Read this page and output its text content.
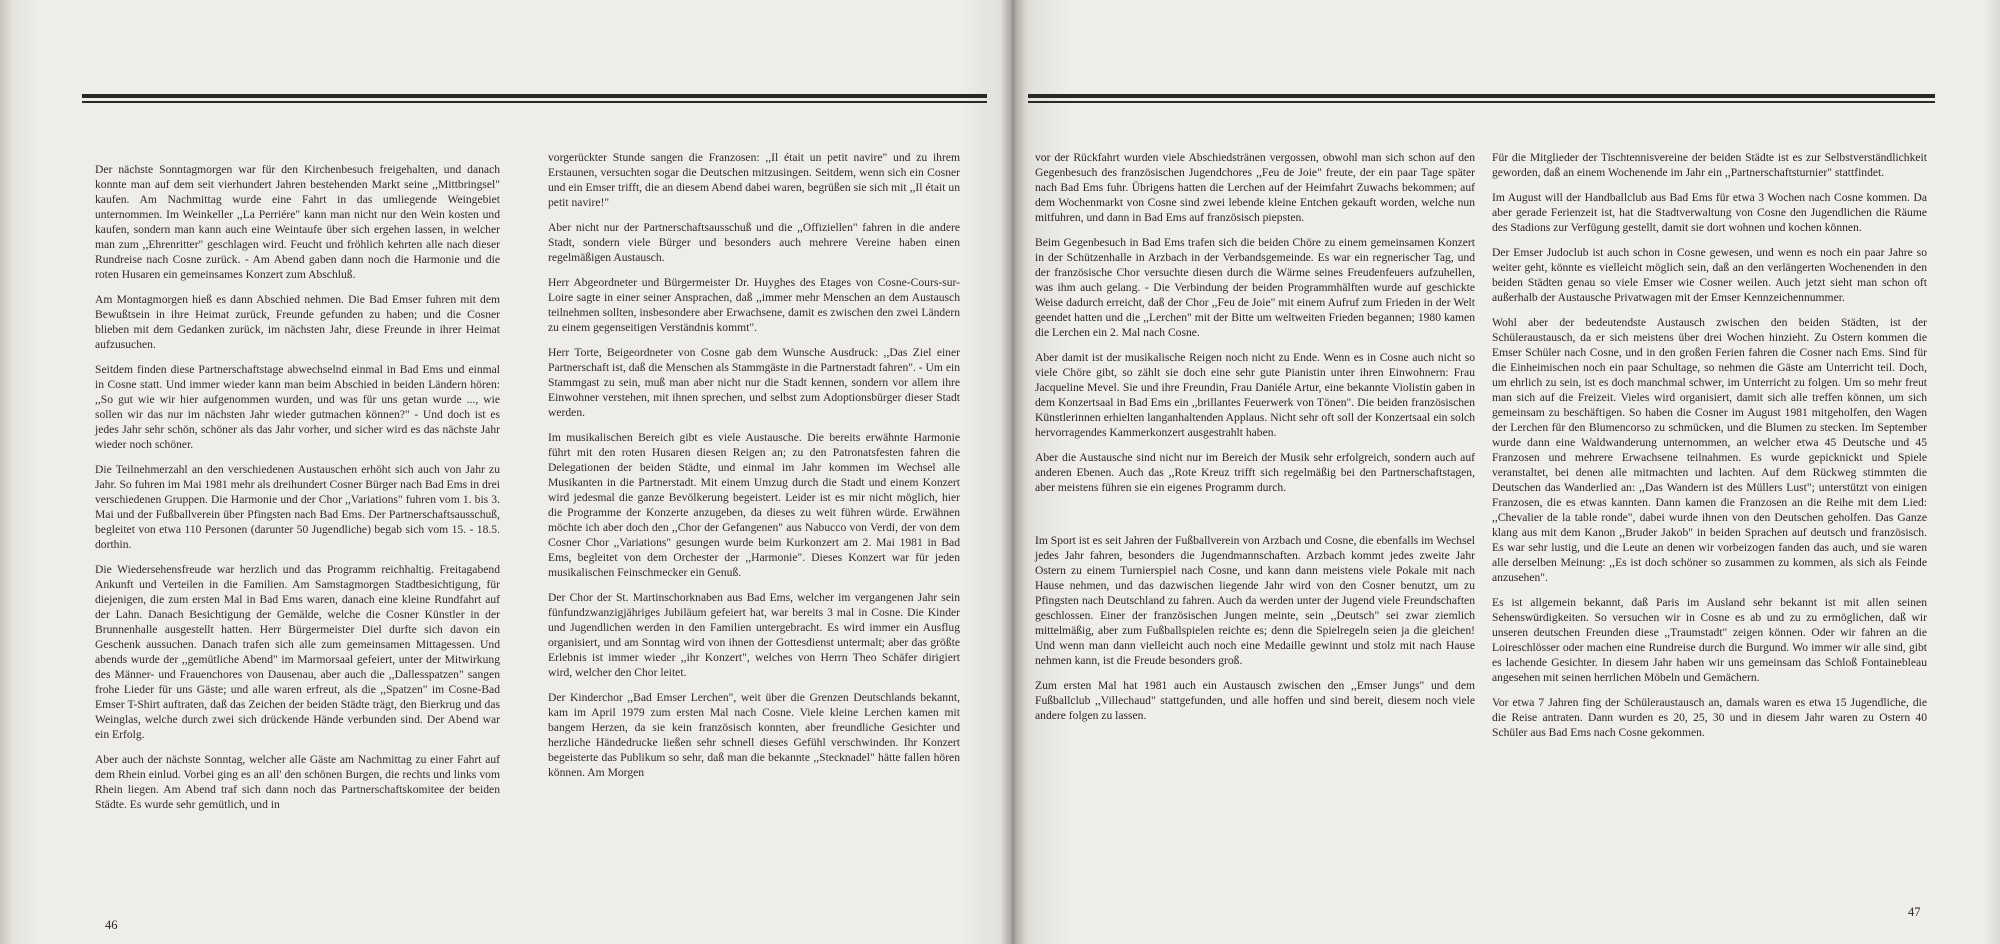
Der nächste Sonntagmorgen war für den Kirchenbesuch freigehalten, und danach konnte man auf dem seit vierhundert Jahren bestehenden Markt seine ,,Mittbringsel" kaufen. Am Nachmittag wurde eine Fahrt in das umliegende Weingebiet unternommen. Im Weinkeller ,,La Perriére" kann man nicht nur den Wein kosten und kaufen, sondern man kann auch eine Weintaufe über sich ergehen lassen, in welcher man zum ,,Ehrenritter" geschlagen wird. Feucht und fröhlich kehrten alle nach dieser Rundreise nach Cosne zurück. - Am Abend gaben dann noch die Harmonie und die roten Husaren ein gemeinsames Konzert zum Abschluß.

Am Montagmorgen hieß es dann Abschied nehmen. Die Bad Emser fuhren mit dem Bewußtsein in ihre Heimat zurück, Freunde gefunden zu haben; und die Cosner blieben mit dem Gedanken zurück, im nächsten Jahr, diese Freunde in ihrer Heimat aufzusuchen.

Seitdem finden diese Partnerschaftstage abwechselnd einmal in Bad Ems und einmal in Cosne statt. Und immer wieder kann man beim Abschied in beiden Ländern hören: ,,So gut wie wir hier aufgenommen wurden, und was für uns getan wurde ..., wie sollen wir das nur im nächsten Jahr wieder gutmachen können?" - Und doch ist es jedes Jahr sehr schön, schöner als das Jahr vorher, und sicher wird es das nächste Jahr wieder noch schöner.

Die Teilnehmerzahl an den verschiedenen Austauschen erhöht sich auch von Jahr zu Jahr. So fuhren im Mai 1981 mehr als dreihundert Cosner Bürger nach Bad Ems in drei verschiedenen Gruppen. Die Harmonie und der Chor ,,Variations" fuhren vom 1. bis 3. Mai und der Fußballverein über Pfingsten nach Bad Ems. Der Partnerschaftsausschuß, begleitet von etwa 110 Personen (darunter 50 Jugendliche) begab sich vom 15. - 18.5. dorthin.

Die Wiedersehensfreude war herzlich und das Programm reichhaltig. Freitagabend Ankunft und Verteilen in die Familien. Am Samstagmorgen Stadtbesichtigung, für diejenigen, die zum ersten Mal in Bad Ems waren, danach eine kleine Rundfahrt auf der Lahn. Danach Besichtigung der Gemälde, welche die Cosner Künstler in der Brunnenhalle ausgestellt hatten. Herr Bürgermeister Diel durfte sich davon ein Geschenk aussuchen. Danach trafen sich alle zum gemeinsamen Mittagessen. Und abends wurde der ,,gemütliche Abend" im Marmorsaal gefeiert, unter der Mitwirkung des Männer- und Frauenchores von Dausenau, aber auch die ,,Dallesspatzen" sangen frohe Lieder für uns Gäste; und alle waren erfreut, als die ,,Spatzen" im Cosne-Bad Emser T-Shirt auftraten, daß das Zeichen der beiden Städte trägt, den Bierkrug und das Weinglas, welche durch zwei sich drückende Hände verbunden sind. Der Abend war ein Erfolg.

Aber auch der nächste Sonntag, welcher alle Gäste am Nachmittag zu einer Fahrt auf dem Rhein einlud. Vorbei ging es an all' den schönen Burgen, die rechts und links vom Rhein liegen. Am Abend traf sich dann noch das Partnerschaftskomitee der beiden Städte. Es wurde sehr gemütlich, und in

vorgerückter Stunde sangen die Franzosen: ,,Il était un petit navire" und zu ihrem Erstaunen, versuchten sogar die Deutschen mitzusingen. Seitdem, wenn sich ein Cosner und ein Emser trifft, die an diesem Abend dabei waren, begrüßen sie sich mit ,,Il était un petit navire!"

Aber nicht nur der Partnerschaftsausschuß und die ,,Offiziellen" fahren in die andere Stadt, sondern viele Bürger und besonders auch mehrere Vereine haben einen regelmäßigen Austausch.

Herr Abgeordneter und Bürgermeister Dr. Huyghes des Etages von Cosne-Cours-sur-Loire sagte in einer seiner Ansprachen, daß ,,immer mehr Menschen an dem Austausch teilnehmen sollten, insbesondere aber Erwachsene, damit es zwischen den zwei Ländern zu einem gegenseitigen Verständnis kommt".

Herr Torte, Beigeordneter von Cosne gab dem Wunsche Ausdruck: ,,Das Ziel einer Partnerschaft ist, daß die Menschen als Stammgäste in die Partnerstadt fahren". - Um ein Stammgast zu sein, muß man aber nicht nur die Stadt kennen, sondern vor allem ihre Einwohner verstehen, mit ihnen sprechen, und selbst zum Adoptionsbürger dieser Stadt werden.

Im musikalischen Bereich gibt es viele Austausche. Die bereits erwähnte Harmonie führt mit den roten Husaren diesen Reigen an; zu den Patronatsfesten fahren die Delegationen der beiden Städte, und einmal im Jahr kommen im Wechsel alle Musikanten in die Partnerstadt. Mit einem Umzug durch die Stadt und einem Konzert wird jedesmal die ganze Bevölkerung begeistert. Leider ist es mir nicht möglich, hier die Programme der Konzerte anzugeben, da dieses zu weit führen würde. Erwähnen möchte ich aber doch den ,,Chor der Gefangenen" aus Nabucco von Verdi, der von dem Cosner Chor ,,Variations" gesungen wurde beim Kurkonzert am 2. Mai 1981 in Bad Ems, begleitet von dem Orchester der ,,Harmonie". Dieses Konzert war für jeden musikalischen Feinschmecker ein Genuß.

Der Chor der St. Martinschorknaben aus Bad Ems, welcher im vergangenen Jahr sein fünfundzwanzigjähriges Jubiläum gefeiert hat, war bereits 3 mal in Cosne. Die Kinder und Jugendlichen werden in den Familien untergebracht. Es wird immer ein Ausflug organisiert, und am Sonntag wird von ihnen der Gottesdienst untermalt; aber das größte Erlebnis ist immer wieder ,,ihr Konzert", welches von Herrn Theo Schäfer dirigiert wird, welcher den Chor leitet.

Der Kinderchor ,,Bad Emser Lerchen", weit über die Grenzen Deutschlands bekannt, kam im April 1979 zum ersten Mal nach Cosne. Viele kleine Lerchen kamen mit bangem Herzen, da sie kein französisch konnten, aber freundliche Gesichter und herzliche Händedrucke ließen sehr schnell dieses Gefühl verschwinden. Ihr Konzert begeisterte das Publikum so sehr, daß man die bekannte ,,Stecknadel" hätte fallen hören können. Am Morgen

46

vor der Rückfahrt wurden viele Abschiedstränen vergossen, obwohl man sich schon auf den Gegenbesuch des französischen Jugendchores ,,Feu de Joie" freute, der ein paar Tage später nach Bad Ems fuhr. Übrigens hatten die Lerchen auf der Heimfahrt Zuwachs bekommen; auf dem Wochenmarkt von Cosne sind zwei lebende kleine Entchen gekauft worden, welche nun mitfuhren, und dann in Bad Ems auf französisch piepsten.

Beim Gegenbesuch in Bad Ems trafen sich die beiden Chöre zu einem gemeinsamen Konzert in der Schützenhalle in Arzbach in der Verbandsgemeinde. Es war ein regnerischer Tag, und der französische Chor versuchte diesen durch die Wärme seines Freudenfeuers aufzuhellen, was ihm auch gelang. - Die Verbindung der beiden Programmhälften wurde auf geschickte Weise dadurch erreicht, daß der Chor ,,Feu de Joie" mit einem Aufruf zum Frieden in der Welt geendet hatten und die ,,Lerchen" mit der Bitte um weltweiten Frieden begannen; 1980 kamen die Lerchen ein 2. Mal nach Cosne.

Aber damit ist der musikalische Reigen noch nicht zu Ende. Wenn es in Cosne auch nicht so viele Chöre gibt, so zählt sie doch eine sehr gute Pianistin unter ihren Einwohnern: Frau Jacqueline Mevel. Sie und ihre Freundin, Frau Daniéle Artur, eine bekannte Violistin gaben in dem Konzertsaal in Bad Ems ein ,,brillantes Feuerwerk von Tönen". Die beiden französischen Künstlerinnen erhielten langanhaltenden Applaus. Nicht sehr oft soll der Konzertsaal ein solch hervorragendes Kammerkonzert ausgestrahlt haben.

Aber die Austausche sind nicht nur im Bereich der Musik sehr erfolgreich, sondern auch auf anderen Ebenen. Auch das ,,Rote Kreuz trifft sich regelmäßig bei den Partnerschaftstagen, aber meistens führen sie ein eigenes Programm durch.

Im Sport ist es seit Jahren der Fußballverein von Arzbach und Cosne, die ebenfalls im Wechsel jedes Jahr fahren, besonders die Jugendmannschaften. Arzbach kommt jedes zweite Jahr Ostern zu einem Turnierspiel nach Cosne, und kann dann meistens viele Pokale mit nach Hause nehmen, und das dazwischen liegende Jahr wird von den Cosner benutzt, um zu Pfingsten nach Deutschland zu fahren. Auch da werden unter der Jugend viele Freundschaften geschlossen. Einer der französischen Jungen meinte, sein ,,Deutsch" sei zwar ziemlich mittelmäßig, aber zum Fußballspielen reichte es; denn die Spielregeln seien ja die gleichen! Und wenn man dann vielleicht auch noch eine Medaille gewinnt und stolz mit nach Hause nehmen kann, ist die Freude besonders groß.

Zum ersten Mal hat 1981 auch ein Austausch zwischen den ,,Emser Jungs" und dem Fußballclub ,,Villechaud" stattgefunden, und alle hoffen und sind bereit, diesem noch viele andere folgen zu lassen.

Für die Mitglieder der Tischtennisvereine der beiden Städte ist es zur Selbstverständlichkeit geworden, daß an einem Wochenende im Jahr ein ,,Partnerschaftsturnier" stattfindet.

Im August will der Handballclub aus Bad Ems für etwa 3 Wochen nach Cosne kommen. Da aber gerade Ferienzeit ist, hat die Stadtverwaltung von Cosne den Jugendlichen die Räume des Stadions zur Verfügung gestellt, damit sie dort wohnen und kochen können.

Der Emser Judoclub ist auch schon in Cosne gewesen, und wenn es noch ein paar Jahre so weiter geht, könnte es vielleicht möglich sein, daß an den verlängerten Wochenenden in den beiden Städten genau so viele Emser wie Cosner weilen. Auch jetzt sieht man schon oft außerhalb der Austausche Privatwagen mit der Emser Kennzeichennummer.

Wohl aber der bedeutendste Austausch zwischen den beiden Städten, ist der Schüleraustausch, da er sich meistens über drei Wochen hinzieht. Zu Ostern kommen die Emser Schüler nach Cosne, und in den großen Ferien fahren die Cosner nach Ems. Sind für die Einheimischen noch ein paar Schultage, so nehmen die Gäste am Unterricht teil. Doch, um ehrlich zu sein, ist es doch manchmal schwer, im Unterricht zu folgen. Um so mehr freut man sich auf die Freizeit. Vieles wird organisiert, damit sich alle treffen können, um sich gemeinsam zu beschäftigen. So haben die Cosner im August 1981 mitgeholfen, den Wagen der Lerchen für den Blumencorso zu schmücken, und die Blumen zu stecken. Im September wurde dann eine Waldwanderung unternommen, an welcher etwa 45 Deutsche und 45 Franzosen und mehrere Erwachsene teilnahmen. Es wurde gepicknickt und Spiele veranstaltet, bei denen alle mitmachten und lachten. Auf dem Rückweg stimmten die Deutschen das Wanderlied an: ,,Das Wandern ist des Müllers Lust"; unterstützt von einigen Franzosen, die es etwas kannten. Dann kamen die Franzosen an die Reihe mit dem Lied: ,,Chevalier de la table ronde", dabei wurde ihnen von den Deutschen geholfen. Das Ganze klang aus mit dem Kanon ,,Bruder Jakob" in beiden Sprachen auf deutsch und französisch. Es war sehr lustig, und die Leute an denen wir vorbeizogen fanden das auch, und sie waren alle derselben Meinung: ,,Es ist doch schöner so zusammen zu kommen, als sich als Feinde anzusehen".

Es ist allgemein bekannt, daß Paris im Ausland sehr bekannt ist mit allen seinen Sehenswürdigkeiten. So versuchen wir in Cosne es ab und zu zu ermöglichen, daß wir unseren deutschen Freunden diese ,,Traumstadt" zeigen können. Oder wir fahren an die Loireschlösser oder machen eine Rundreise durch die Burgund. Wo immer wir alle sind, gibt es lachende Gesichter. In diesem Jahr haben wir uns gemeinsam das Schloß Fontainebleau angesehen mit seinen herrlichen Möbeln und Gemächern.

Vor etwa 7 Jahren fing der Schüleraustausch an, damals waren es etwa 15 Jugendliche, die die Reise antraten. Dann wurden es 20, 25, 30 und in diesem Jahr waren zu Ostern 40 Schüler aus Bad Ems nach Cosne gekommen.

47
